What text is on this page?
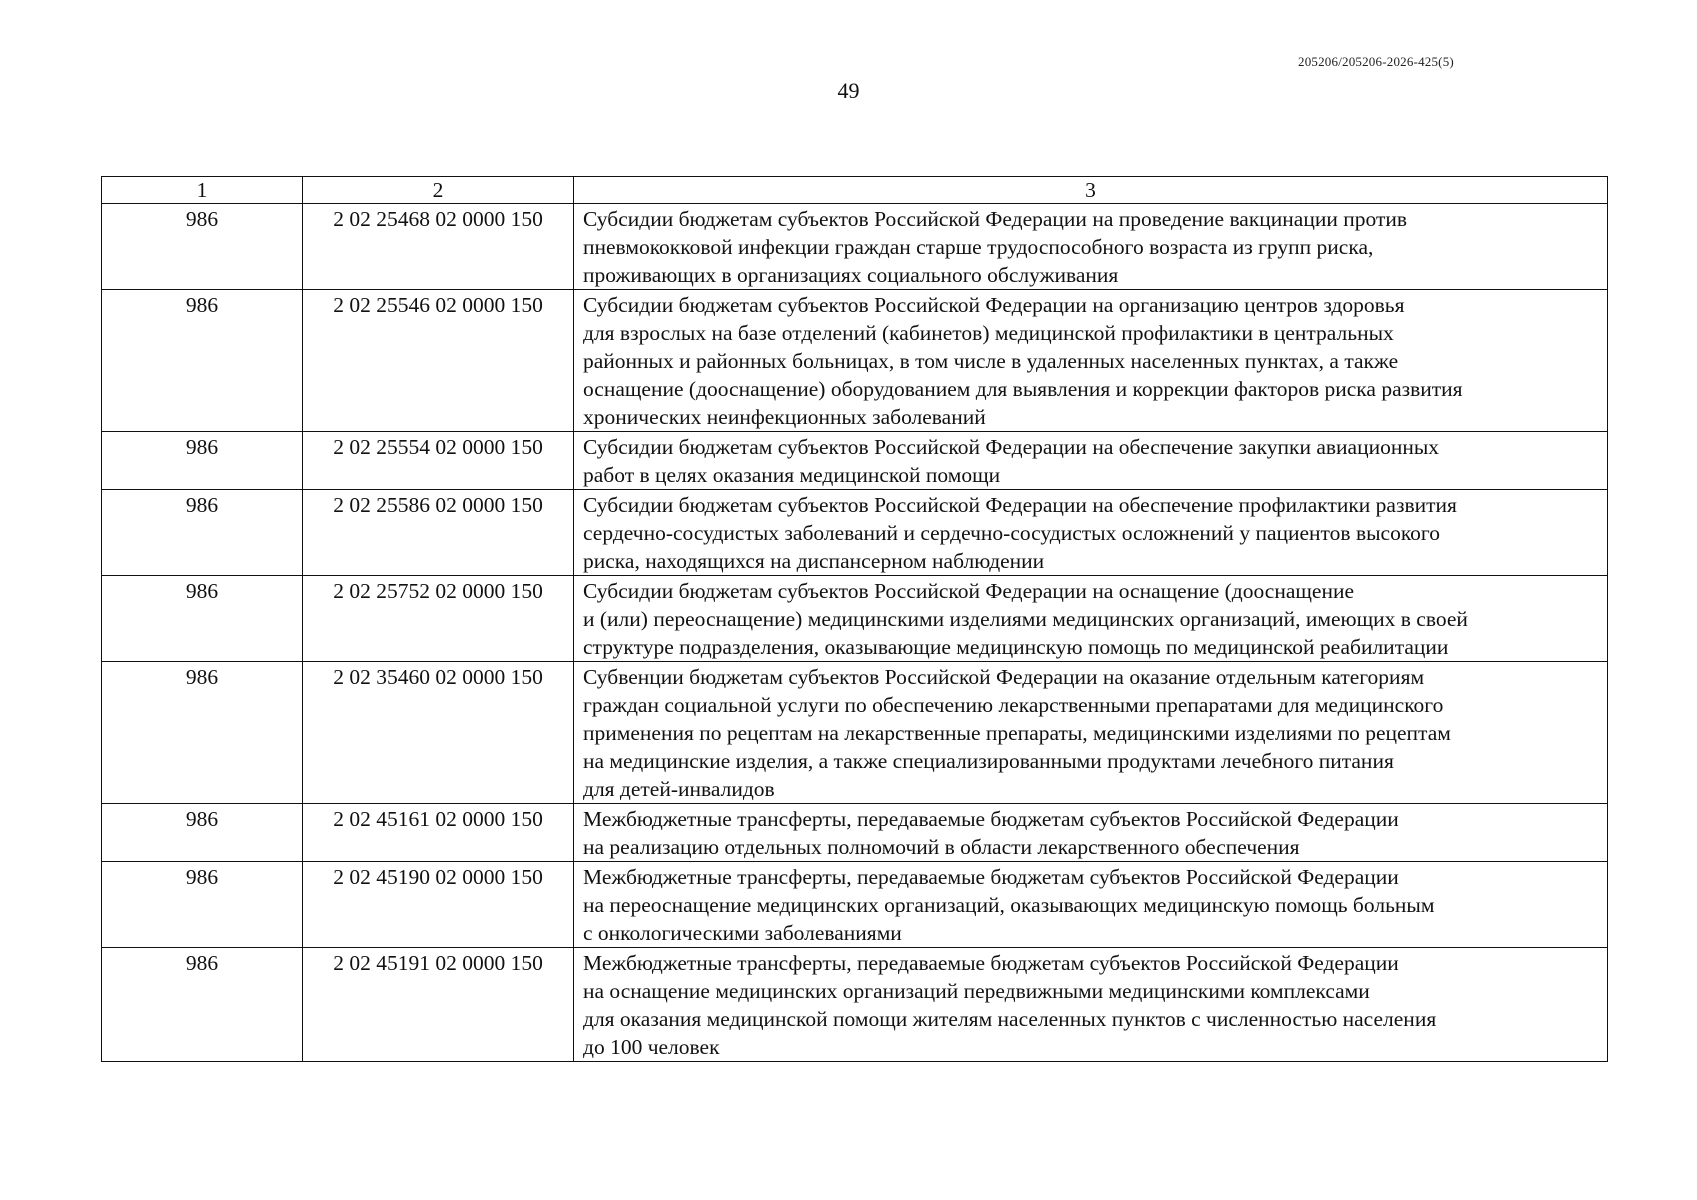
205206/205206-2026-425(5)
49
1	2	3
986	2 02 25468 02 0000 150	Субсидии бюджетам субъектов Российской Федерации на проведение вакцинации против
пневмококковой инфекции граждан старше трудоспособного возраста из групп риска,
проживающих в организациях социального обслуживания

986	2 02 25546 02 0000 150	Субсидии бюджетам субъектов Российской Федерации на организацию центров здоровья
для взрослых на базе отделений (кабинетов) медицинской профилактики в центральных
районных и районных больницах, в том числе в удаленных населенных пунктах, а также
оснащение (дооснащение) оборудованием для выявления и коррекции факторов риска развития
хронических неинфекционных заболеваний

986	2 02 25554 02 0000 150	Субсидии бюджетам субъектов Российской Федерации на обеспечение закупки авиационных
работ в целях оказания медицинской помощи

986	2 02 25586 02 0000 150	Субсидии бюджетам субъектов Российской Федерации на обеспечение профилактики развития
сердечно-сосудистых заболеваний и сердечно-сосудистых осложнений у пациентов высокого
риска, находящихся на диспансерном наблюдении

986	2 02 25752 02 0000 150	Субсидии бюджетам субъектов Российской Федерации на оснащение (дооснащение
и (или) переоснащение) медицинскими изделиями медицинских организаций, имеющих в своей
структуре подразделения, оказывающие медицинскую помощь по медицинской реабилитации

986	2 02 35460 02 0000 150	Субвенции бюджетам субъектов Российской Федерации на оказание отдельным категориям
граждан социальной услуги по обеспечению лекарственными препаратами для медицинского
применения по рецептам на лекарственные препараты, медицинскими изделиями по рецептам
на медицинские изделия, а также специализированными продуктами лечебного питания
для детей-инвалидов

986	2 02 45161 02 0000 150	Межбюджетные трансферты, передаваемые бюджетам субъектов Российской Федерации
на реализацию отдельных полномочий в области лекарственного обеспечения

986	2 02 45190 02 0000 150	Межбюджетные трансферты, передаваемые бюджетам субъектов Российской Федерации
на переоснащение медицинских организаций, оказывающих медицинскую помощь больным
с онкологическими заболеваниями

986	2 02 45191 02 0000 150	Межбюджетные трансферты, передаваемые бюджетам субъектов Российской Федерации
на оснащение медицинских организаций передвижными медицинскими комплексами
для оказания медицинской помощи жителям населенных пунктов с численностью населения
до 100 человек
